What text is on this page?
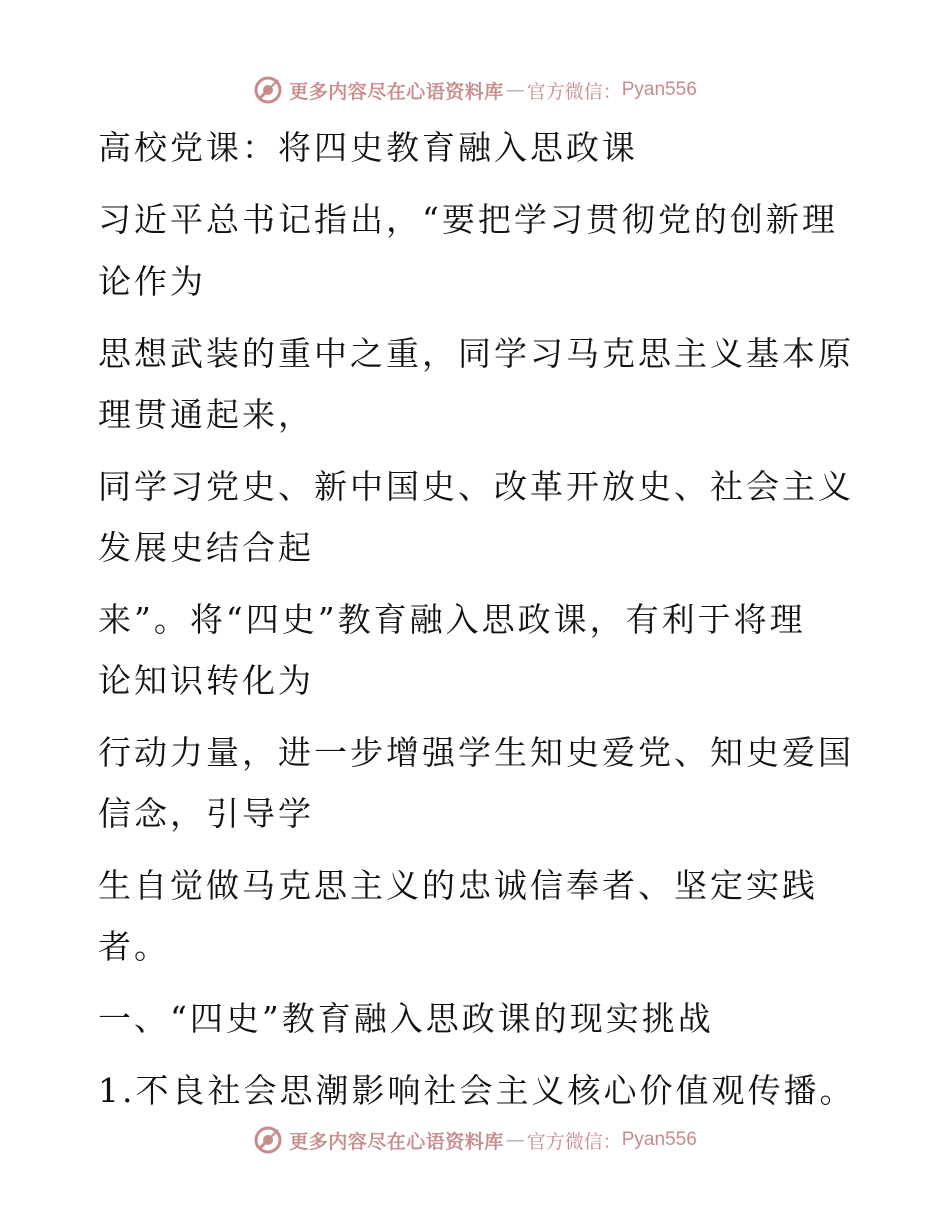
更多内容尽在心语资料库 — 官方微信： Pyan556
高校党课：将四史教育融入思政课
习近平总书记指出，“要把学习贯彻党的创新理
论作为
思想武装的重中之重，同学习马克思主义基本原
理贯通起来，
同学习党史、新中国史、改革开放史、社会主义
发展史结合起
来”。将“四史”教育融入思政课，有利于将理
论知识转化为
行动力量，进一步增强学生知史爱党、知史爱国
信念，引导学
生自觉做马克思主义的忠诚信奉者、坚定实践
者。
一、“四史”教育融入思政课的现实挑战
1.不良社会思潮影响社会主义核心价值观传播。
更多内容尽在心语资料库 — 官方微信： Pyan556
